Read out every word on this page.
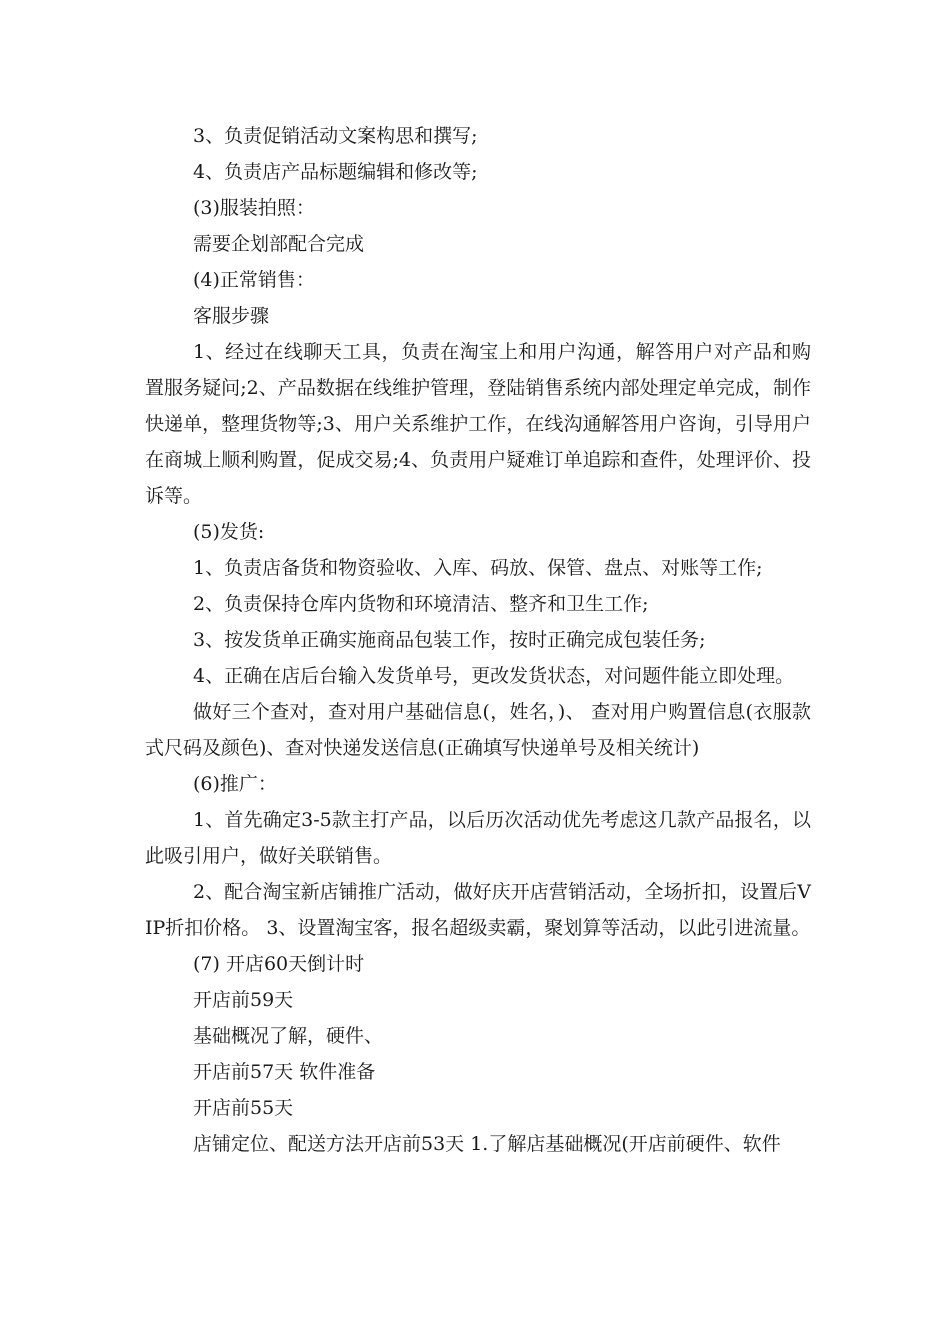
3、负责促销活动文案构思和撰写;

4、负责店产品标题编辑和修改等;

(3)服装拍照：

需要企划部配合完成

(4)正常销售：

客服步骤

1、经过在线聊天工具，负责在淘宝上和用户沟通，解答用户对产品和购置服务疑问;2、产品数据在线维护管理，登陆销售系统内部处理定单完成，制作快递单，整理货物等;3、用户关系维护工作，在线沟通解答用户咨询，引导用户在商城上顺利购置，促成交易;4、负责用户疑难订单追踪和查件，处理评价、投诉等。

(5)发货:

1、负责店备货和物资验收、入库、码放、保管、盘点、对账等工作;

2、负责保持仓库内货物和环境清洁、整齐和卫生工作;

3、按发货单正确实施商品包装工作，按时正确完成包装任务;

4、正确在店后台输入发货单号，更改发货状态，对问题件能立即处理。

做好三个查对，查对用户基础信息(，姓名，)、 查对用户购置信息(衣服款式尺码及颜色)、查对快递发送信息(正确填写快递单号及相关统计)

(6)推广：

1、首先确定3-5款主打产品，以后历次活动优先考虑这几款产品报名，以此吸引用户，做好关联销售。

2、配合淘宝新店铺推广活动，做好庆开店营销活动，全场折扣，设置后VIP折扣价格。 3、设置淘宝客，报名超级卖霸，聚划算等活动，以此引进流量。

(7) 开店60天倒计时

开店前59天

基础概况了解，硬件、

开店前57天 软件准备

开店前55天

店铺定位、配送方法开店前53天 1.了解店基础概况(开店前硬件、软件
